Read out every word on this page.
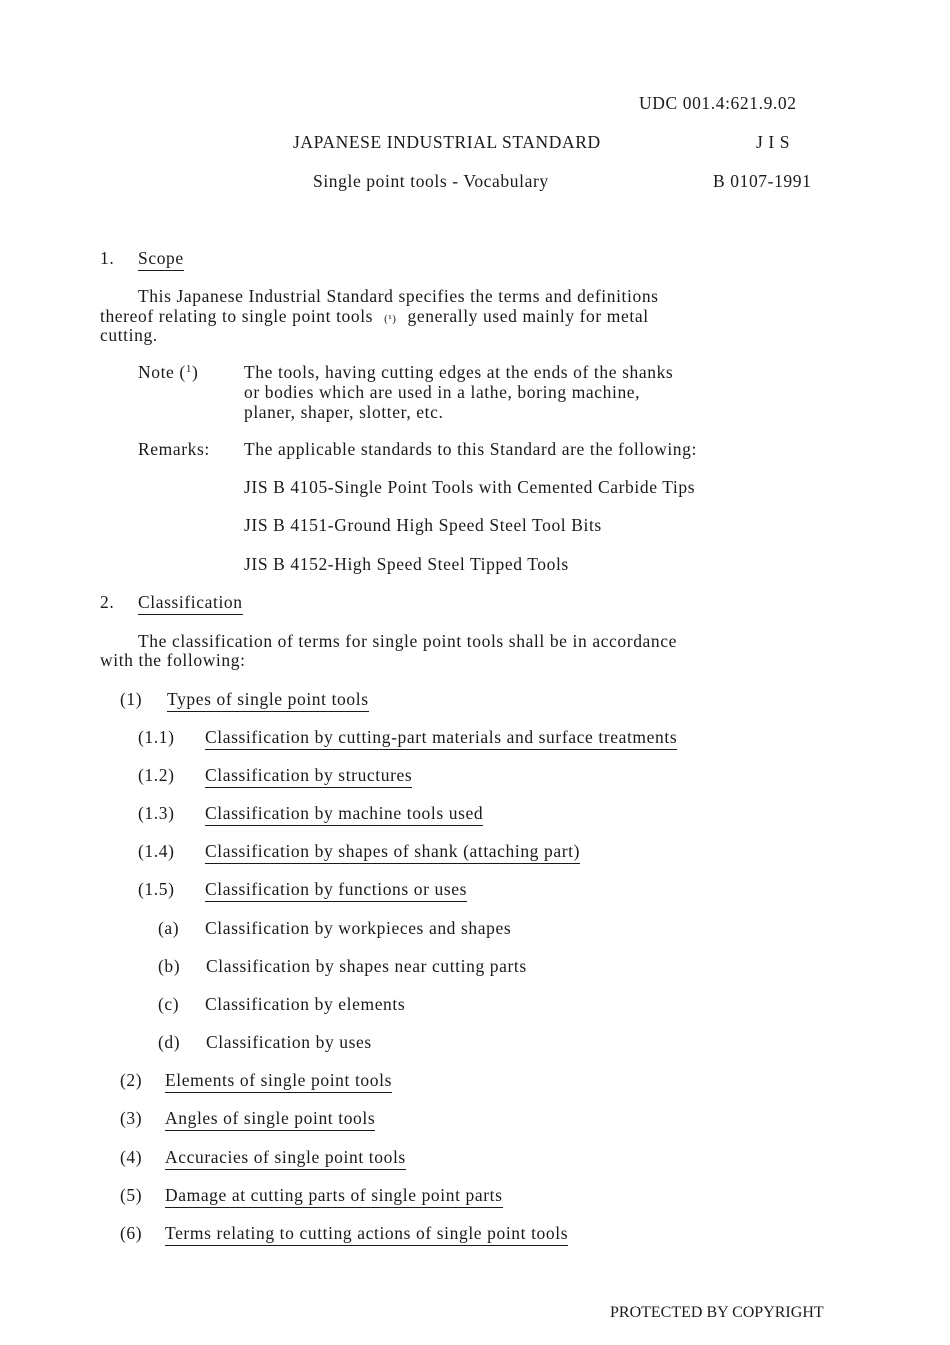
UDC 001.4:621.9.02
JAPANESE INDUSTRIAL STANDARD	J I S
Single point tools - Vocabulary	B 0107-1991
1. Scope
This Japanese Industrial Standard specifies the terms and definitions
thereof relating to single point tools (¹) generally used mainly for metal
cutting.
Note ($^1$)	The tools, having cutting edges at the ends of the shanks
or bodies which are used in a lathe, boring machine,
planer, shaper, slotter, etc.
Remarks: The applicable standards to this Standard are the following:
JIS B 4105-Single Point Tools with Cemented Carbide Tips
JIS B 4151-Ground High Speed Steel Tool Bits
JIS B 4152-High Speed Steel Tipped Tools
2. Classification
The classification of terms for single point tools shall be in accordance
with the following:
(1) Types of single point tools
(1.1) Classification by cutting-part materials and surface treatments
(1.2) Classification by structures
(1.3) Classification by machine tools used
(1.4) Classification by shapes of shank (attaching part)
(1.5) Classification by functions or uses
(a) Classification by workpieces and shapes
(b) Classification by shapes near cutting parts
(c) Classification by elements
(d) Classification by uses
(2) Elements of single point tools
(3) Angles of single point tools
(4) Accuracies of single point tools
(5) Damage at cutting parts of single point parts
(6) Terms relating to cutting actions of single point tools
PROTECTED BY COPYRIGHT
